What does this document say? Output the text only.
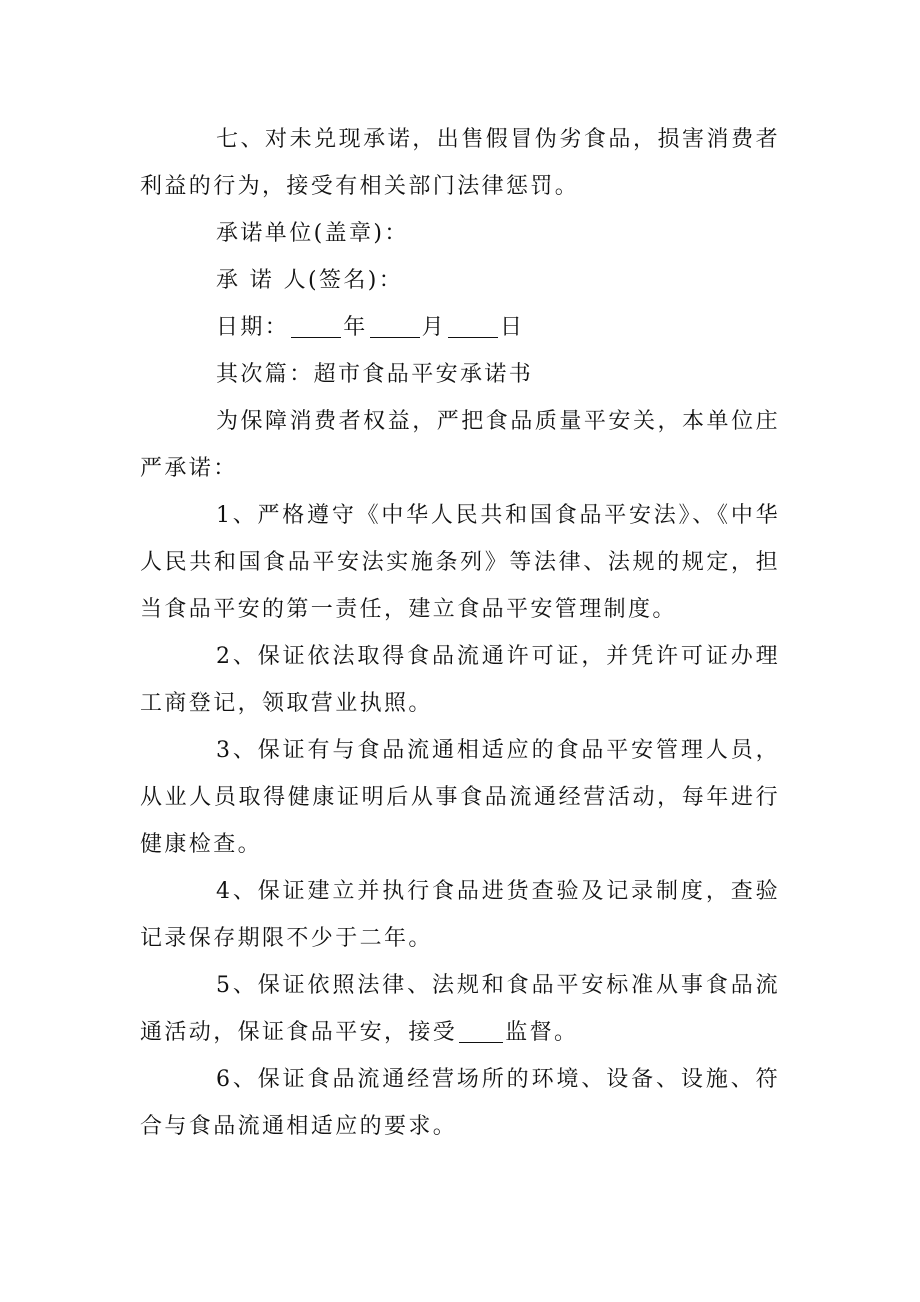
七、对未兑现承诺，出售假冒伪劣食品，损害消费者利益的行为，接受有相关部门法律惩罚。

承诺单位(盖章)：

承 诺 人(签名)：

日期： 年 月 日

其次篇：超市食品平安承诺书

为保障消费者权益，严把食品质量平安关，本单位庄严承诺：

1、严格遵守《中华人民共和国食品平安法》、《中华人民共和国食品平安法实施条列》等法律、法规的规定，担当食品平安的第一责任，建立食品平安管理制度。

2、保证依法取得食品流通许可证，并凭许可证办理工商登记，领取营业执照。

3、保证有与食品流通相适应的食品平安管理人员，从业人员取得健康证明后从事食品流通经营活动，每年进行健康检查。

4、保证建立并执行食品进货查验及记录制度，查验记录保存期限不少于二年。

5、保证依照法律、法规和食品平安标准从事食品流通活动，保证食品平安，接受 监督。

6、保证食品流通经营场所的环境、设备、设施、符合与食品流通相适应的要求。
